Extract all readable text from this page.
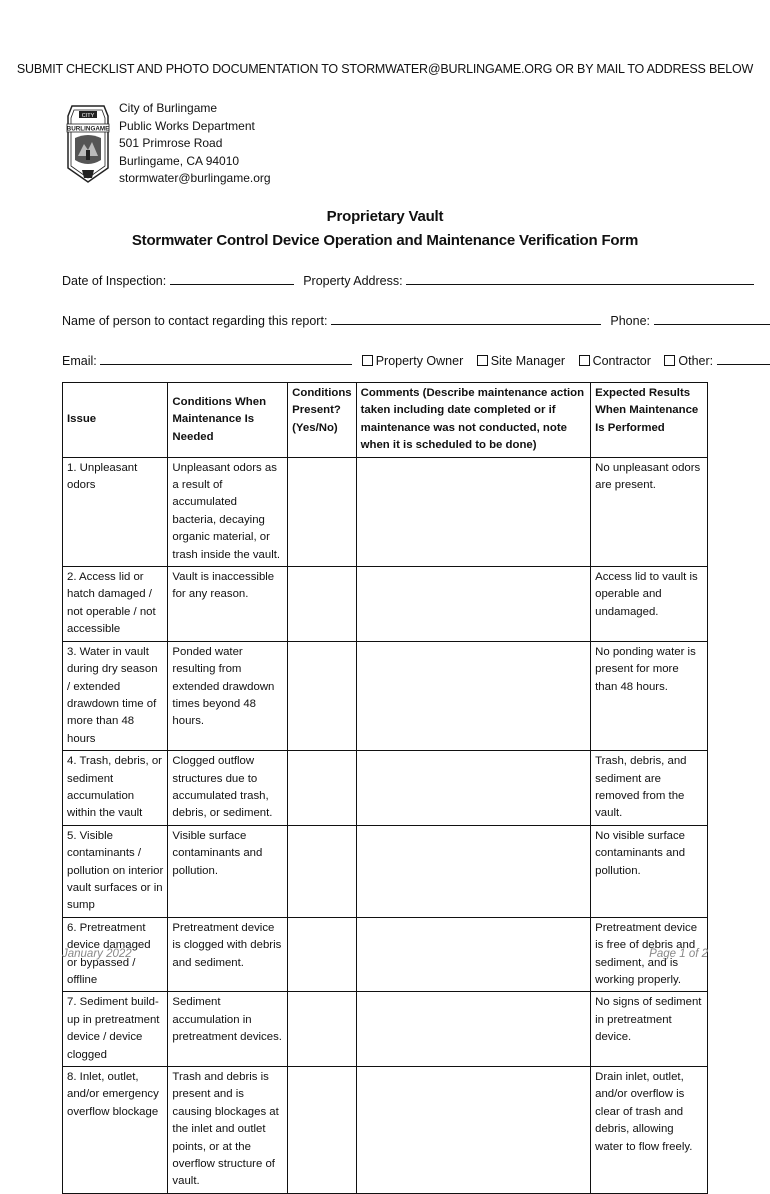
SUBMIT CHECKLIST AND PHOTO DOCUMENTATION TO STORMWATER@BURLINGAME.ORG OR BY MAIL TO ADDRESS BELOW
CITY
BURLINGAME
City of Burlingame
Public Works Department
501 Primrose Road
Burlingame, CA 94010
stormwater@burlingame.org
Proprietary Vault
Stormwater Control Device Operation and Maintenance Verification Form
Date of Inspection:	Property Address:
Name of person to contact regarding this report:	Phone:
Email:	Property Owner Site Manager Contractor Other:
Issue	Conditions When Maintenance Is Needed	Conditions Present? (Yes/No)	Comments (Describe maintenance action taken including date completed or if maintenance was not conducted, note when it is scheduled to be done)	Expected Results When Maintenance Is Performed
1. Unpleasant odors	Unpleasant odors as a result of accumulated bacteria, decaying organic material, or trash inside the vault.			No unpleasant odors are present.
2. Access lid or hatch damaged / not operable / not accessible	Vault is inaccessible for any reason.			Access lid to vault is operable and undamaged.
3. Water in vault during dry season / extended drawdown time of more than 48 hours	Ponded water resulting from extended drawdown times beyond 48 hours.			No ponding water is present for more than 48 hours.
4. Trash, debris, or sediment accumulation within the vault	Clogged outflow structures due to accumulated trash, debris, or sediment.			Trash, debris, and sediment are removed from the vault.
5. Visible contaminants / pollution on interior vault surfaces or in sump	Visible surface contaminants and pollution.			No visible surface contaminants and pollution.
6. Pretreatment device damaged or bypassed / offline	Pretreatment device is clogged with debris and sediment.			Pretreatment device is free of debris and sediment, and is working properly.
7. Sediment build-up in pretreatment device / device clogged	Sediment accumulation in pretreatment devices.			No signs of sediment in pretreatment device.
8. Inlet, outlet, and/or emergency overflow blockage	Trash and debris is present and is causing blockages at the inlet and outlet points, or at the overflow structure of vault.			Drain inlet, outlet, and/or overflow is clear of trash and debris, allowing water to flow freely.
January 2022	Page 1 of 2
